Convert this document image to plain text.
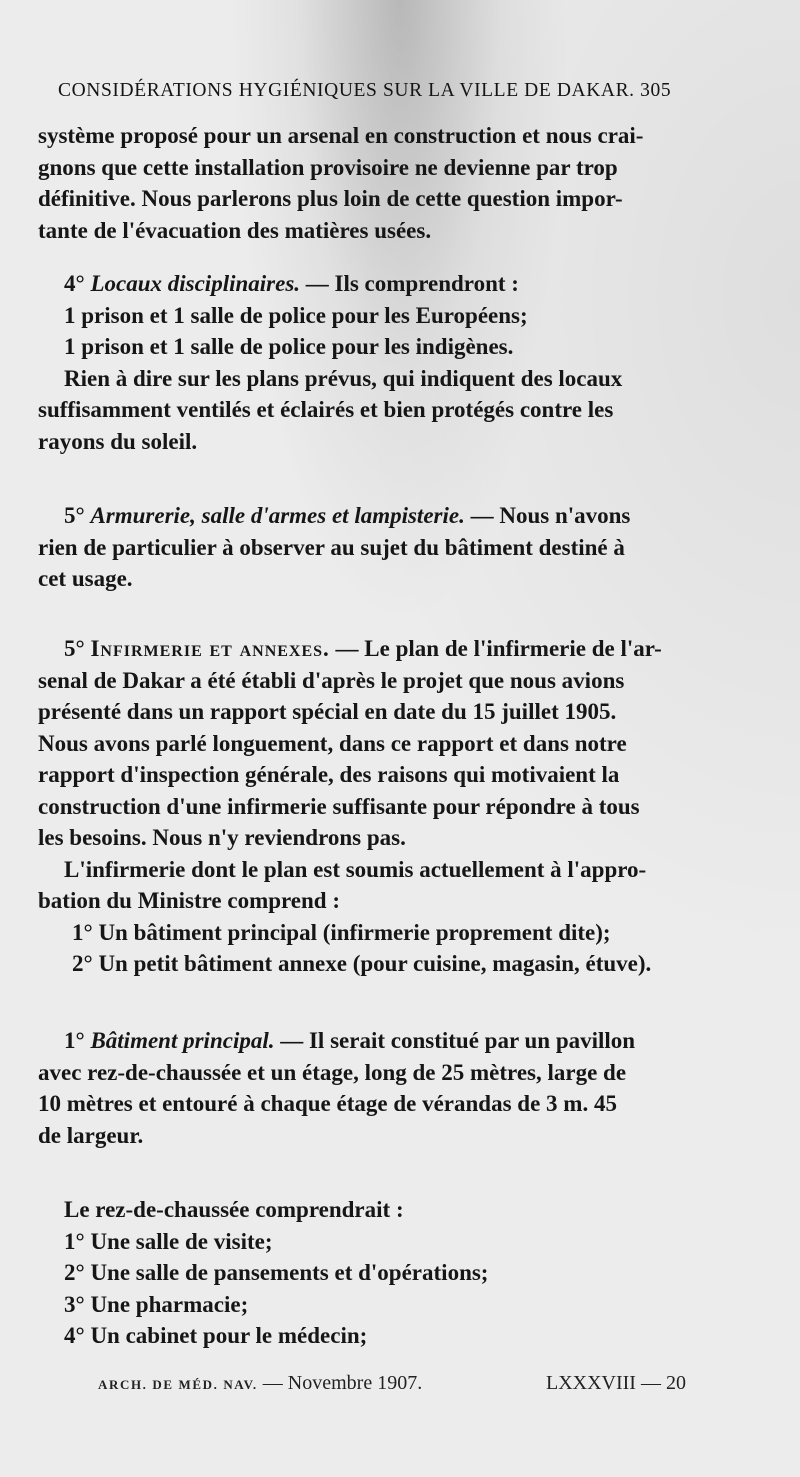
CONSIDÉRATIONS HYGIÉNIQUES SUR LA VILLE DE DAKAR. 305
système proposé pour un arsenal en construction et nous crai-
gnons que cette installation provisoire ne devienne par trop
définitive. Nous parlerons plus loin de cette question impor-
tante de l'évacuation des matières usées.
4° Locaux disciplinaires. — Ils comprendront :
1 prison et 1 salle de police pour les Européens;
1 prison et 1 salle de police pour les indigènes.
Rien à dire sur les plans prévus, qui indiquent des locaux
suffisamment ventilés et éclairés et bien protégés contre les
rayons du soleil.
5° Armurerie, salle d'armes et lampisterie. — Nous n'avons
rien de particulier à observer au sujet du bâtiment destiné à
cet usage.
5° Infirmerie et annexes. — Le plan de l'infirmerie de l'ar-
senal de Dakar a été établi d'après le projet que nous avions
présenté dans un rapport spécial en date du 15 juillet 1905.
Nous avons parlé longuement, dans ce rapport et dans notre
rapport d'inspection générale, des raisons qui motivaient la
construction d'une infirmerie suffisante pour répondre à tous
les besoins. Nous n'y reviendrons pas.
L'infirmerie dont le plan est soumis actuellement à l'appro-
bation du Ministre comprend :
1° Un bâtiment principal (infirmerie proprement dite);
2° Un petit bâtiment annexe (pour cuisine, magasin, étuve).
1° Bâtiment principal. — Il serait constitué par un pavillon
avec rez-de-chaussée et un étage, long de 25 mètres, large de
10 mètres et entouré à chaque étage de vérandas de 3 m. 45
de largeur.
Le rez-de-chaussée comprendrait :
1° Une salle de visite;
2° Une salle de pansements et d'opérations;
3° Une pharmacie;
4° Un cabinet pour le médecin;
ARCH. DE MÉD. NAV. — Novembre 1907.	LXXXVIII — 20
